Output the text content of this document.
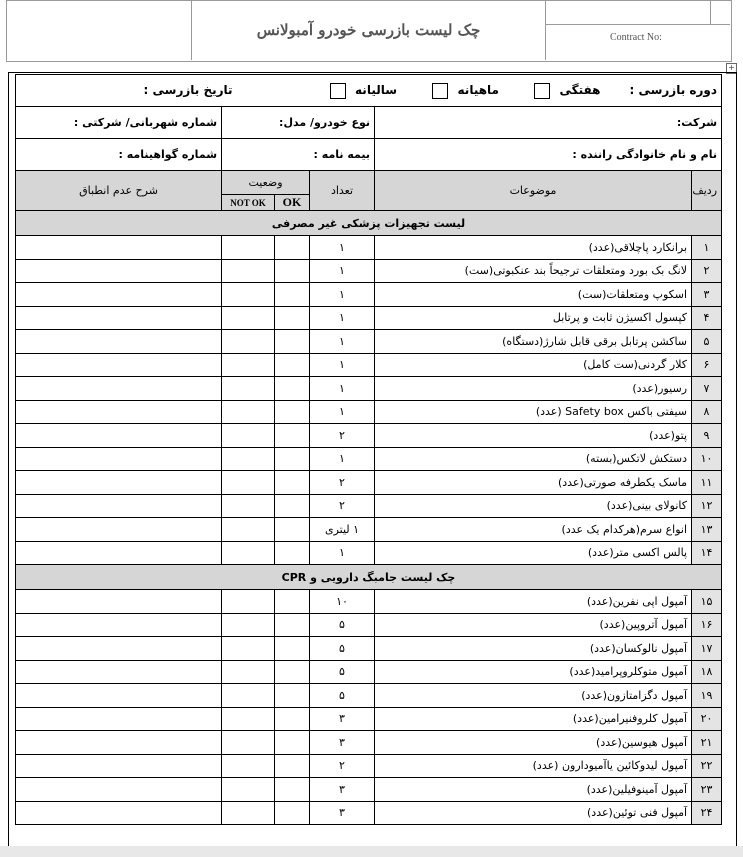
چک لیست بازرسی خودرو آمبولانس	Contract No:
+
دوره بازرسی :  هفتگی   ماهیانه   سالیانه   تاریخ بازرسی :					
شرکت:		نوع خودرو/ مدل:			شماره شهربانی/ شرکتی :
نام و نام خانوادگی راننده :		بیمه نامه :			شماره گواهینامه :
ردیف	موضوعات	تعداد	وضعیت		شرح عدم انطباق
			OK	NOT OK	
لیست تجهیزات پزشکی غیر مصرفی					
۱	برانکارد پاچلاقی(عدد)	۱			
۲	لانگ بک بورد ومتعلقات ترجیحاً بند عنکبوتی(ست)	۱			
۳	اسکوپ ومتعلقات(ست)	۱			
۴	کپسول اکسیژن ثابت و پرتابل	۱			
۵	ساکشن پرتابل برقی قابل شارژ(دستگاه)	۱			
۶	کلار گردنی(ست کامل)	۱			
۷	رسیور(عدد)	۱			
۸	سیفتی باکس Safety box (عدد)	۱			
۹	پتو(عدد)	۲			
۱۰	دستکش لاتکس(بسته)	۱			
۱۱	ماسک یکطرفه صورتی(عدد)	۲			
۱۲	کانولای بینی(عدد)	۲			
۱۳	انواع سرم(هرکدام یک عدد)	۱ لیتری			
۱۴	پالس اکسی متر(عدد)	۱			
چک لیست جامبگ دارویی و CPR					
۱۵	آمپول اپی نفرین(عدد)	۱۰			
۱۶	آمپول آتروپین(عدد)	۵			
۱۷	آمپول نالوکسان(عدد)	۵			
۱۸	آمپول متوکلروپرامید(عدد)	۵			
۱۹	آمپول دگزامتازون(عدد)	۵			
۲۰	آمپول کلروفنیرامین(عدد)	۳			
۲۱	آمپول هیوسین(عدد)	۳			
۲۲	آمپول لیدوکائین یاآمیودارون (عدد)	۲			
۲۳	آمپول آمینوفیلین(عدد)	۳			
۲۴	آمپول فنی توئین(عدد)	۳			
